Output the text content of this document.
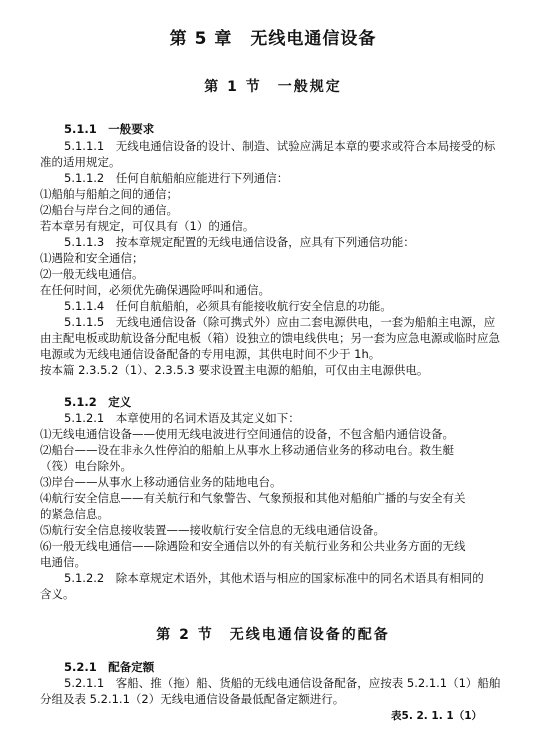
第 5 章　无线电通信设备
第 1 节　一般规定
5.1.1　一般要求
5.1.1.1　无线电通信设备的设计、制造、试验应满足本章的要求或符合本局接受的标
准的适用规定。
5.1.1.2　任何自航船舶应能进行下列通信：
⑴船舶与船舶之间的通信；
⑵船台与岸台之间的通信。
若本章另有规定，可仅具有（1）的通信。
5.1.1.3　按本章规定配置的无线电通信设备，应具有下列通信功能：
⑴遇险和安全通信；
⑵一般无线电通信。
在任何时间，必须优先确保遇险呼叫和通信。
5.1.1.4　任何自航船舶，必须具有能接收航行安全信息的功能。
5.1.1.5　无线电通信设备（除可携式外）应由二套电源供电，一套为船舶主电源，应
由主配电板或助航设备分配电板（箱）设独立的馈电线供电；另一套为应急电源或临时应急
电源或为无线电通信设备配备的专用电源，其供电时间不少于 1h。
按本篇 2.3.5.2（1）、2.3.5.3 要求设置主电源的船舶，可仅由主电源供电。
5.1.2　定义
5.1.2.1　本章使用的名词术语及其定义如下：
⑴无线电通信设备——使用无线电波进行空间通信的设备，不包含船内通信设备。
⑵船台——设在非永久性停泊的船舶上从事水上移动通信业务的移动电台。救生艇
（筏）电台除外。
⑶岸台——从事水上移动通信业务的陆地电台。
⑷航行安全信息——有关航行和气象警告、气象预报和其他对船舶广播的与安全有关
的紧急信息。
⑸航行安全信息接收装置——接收航行安全信息的无线电通信设备。
⑹一般无线电通信——除遇险和安全通信以外的有关航行业务和公共业务方面的无线
电通信。
5.1.2.2　除本章规定术语外，其他术语与相应的国家标准中的同名术语具有相同的
含义。
第 2 节　无线电通信设备的配备
5.2.1　配备定额
5.2.1.1　客船、推（拖）船、货船的无线电通信设备配备，应按表 5.2.1.1（1）船舶
分组及表 5.2.1.1（2）无线电通信设备最低配备定额进行。
表5. 2. 1. 1（1）
